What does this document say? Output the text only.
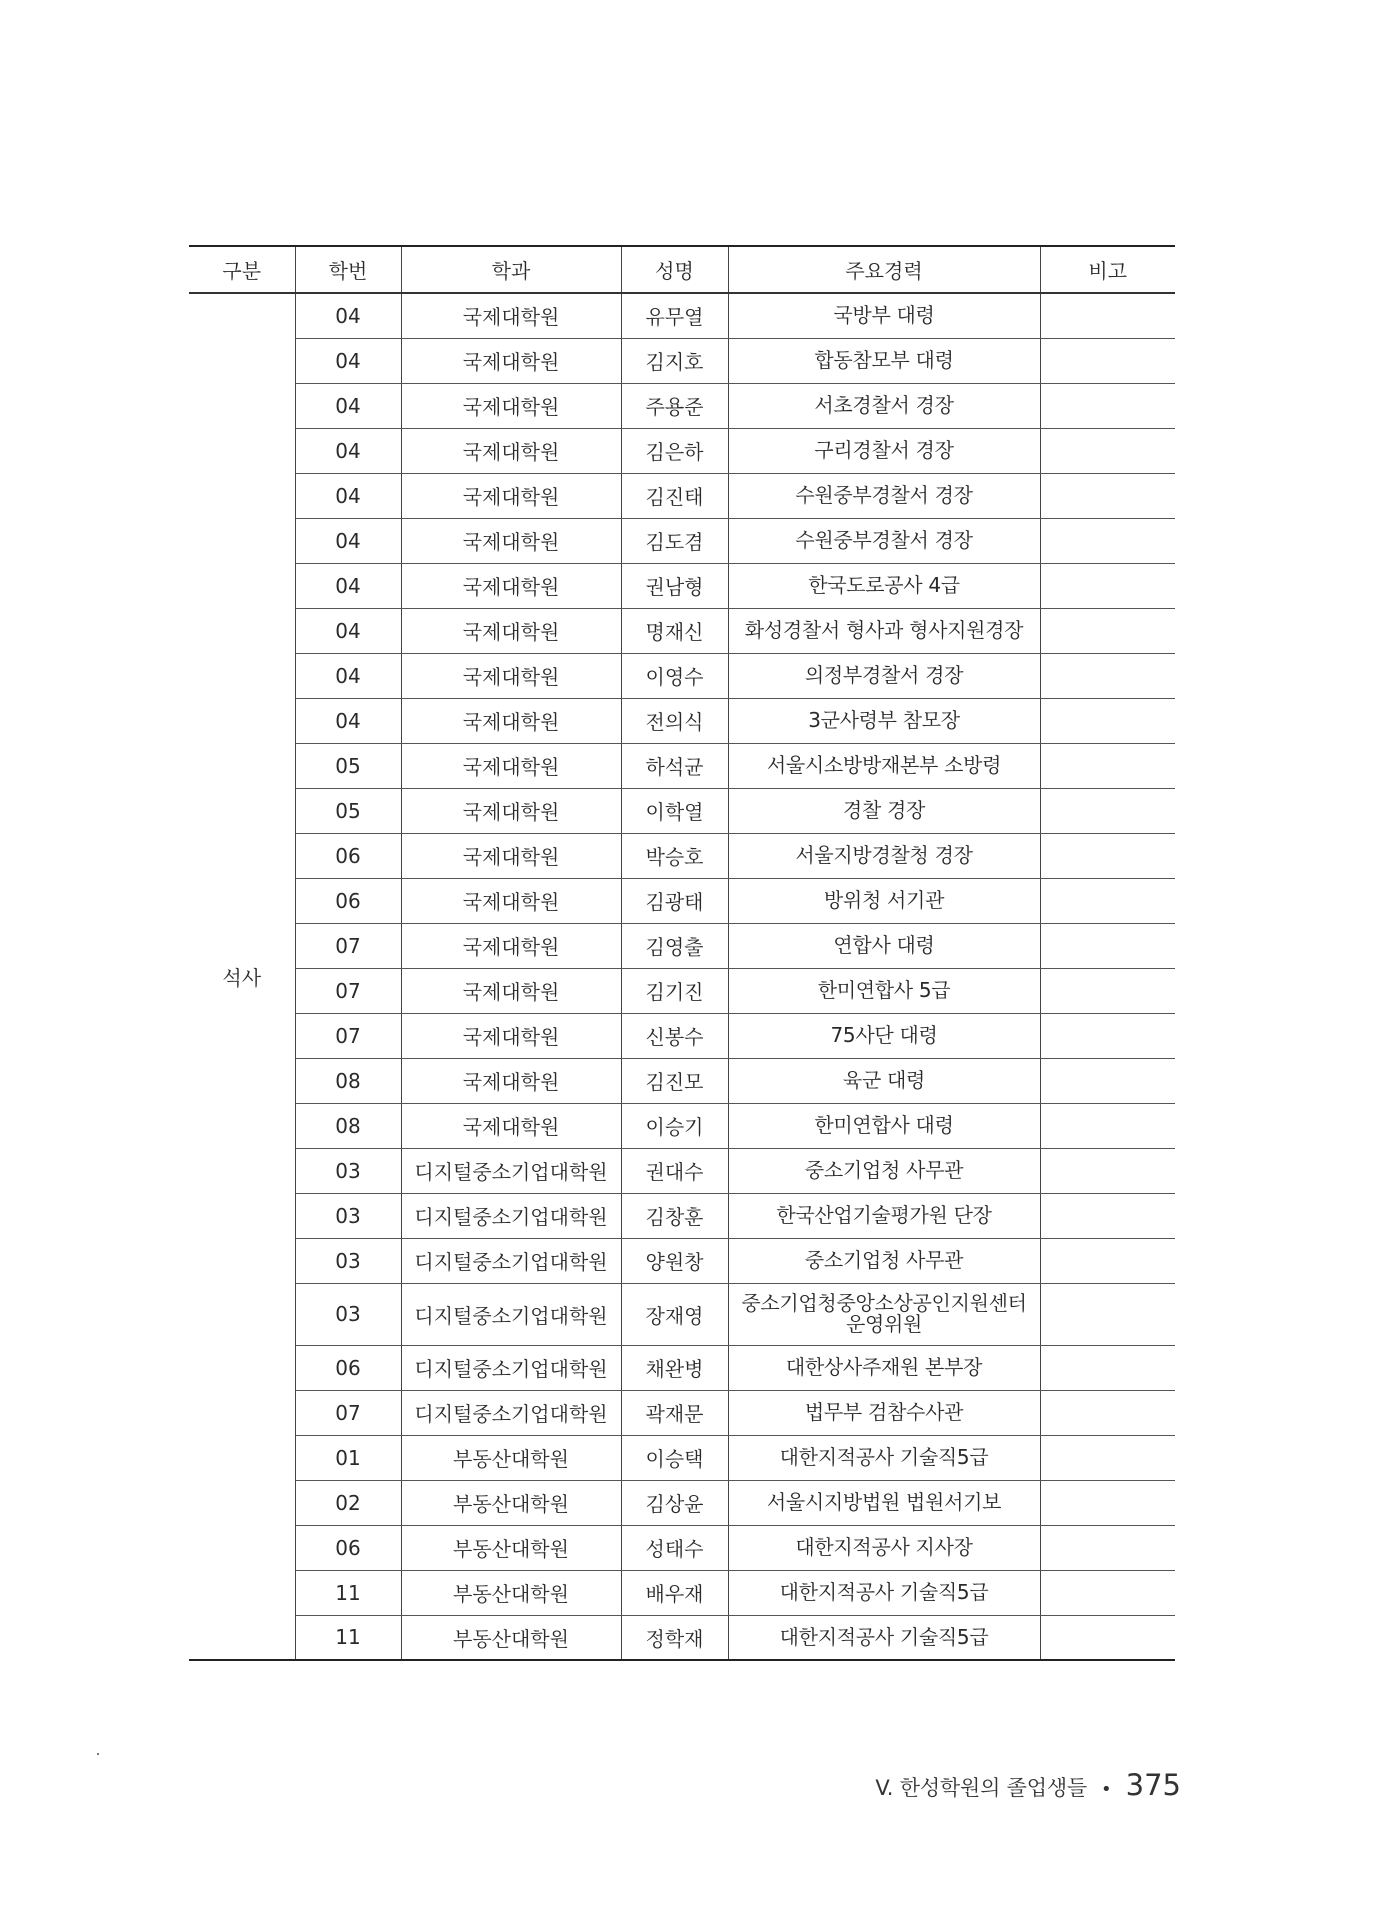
구분	학번	학과	성명	주요경력	비고
석사	04	국제대학원	유무열	국방부 대령	
	04	국제대학원	김지호	합동참모부 대령	
	04	국제대학원	주용준	서초경찰서 경장	
	04	국제대학원	김은하	구리경찰서 경장	
	04	국제대학원	김진태	수원중부경찰서 경장	
	04	국제대학원	김도겸	수원중부경찰서 경장	
	04	국제대학원	권남형	한국도로공사 4급	
	04	국제대학원	명재신	화성경찰서 형사과 형사지원경장	
	04	국제대학원	이영수	의정부경찰서 경장	
	04	국제대학원	전의식	3군사령부 참모장	
	05	국제대학원	하석균	서울시소방방재본부 소방령	
	05	국제대학원	이학열	경찰 경장	
	06	국제대학원	박승호	서울지방경찰청 경장	
	06	국제대학원	김광태	방위청 서기관	
	07	국제대학원	김영출	연합사 대령	
	07	국제대학원	김기진	한미연합사 5급	
	07	국제대학원	신봉수	75사단 대령	
	08	국제대학원	김진모	육군 대령	
	08	국제대학원	이승기	한미연합사 대령	
	03	디지털중소기업대학원	권대수	중소기업청 사무관	
	03	디지털중소기업대학원	김창훈	한국산업기술평가원 단장	
	03	디지털중소기업대학원	양원창	중소기업청 사무관	
	03	디지털중소기업대학원	장재영	중소기업청중앙소상공인지원센터
운영위원	
	06	디지털중소기업대학원	채완병	대한상사주재원 본부장	
	07	디지털중소기업대학원	곽재문	법무부 검참수사관	
	01	부동산대학원	이승택	대한지적공사 기술직5급	
	02	부동산대학원	김상윤	서울시지방법원 법원서기보	
	06	부동산대학원	성태수	대한지적공사 지사장	
	11	부동산대학원	배우재	대한지적공사 기술직5급	
	11	부동산대학원	정학재	대한지적공사 기술직5급	
V. 한성학원의 졸업생들 • 375
